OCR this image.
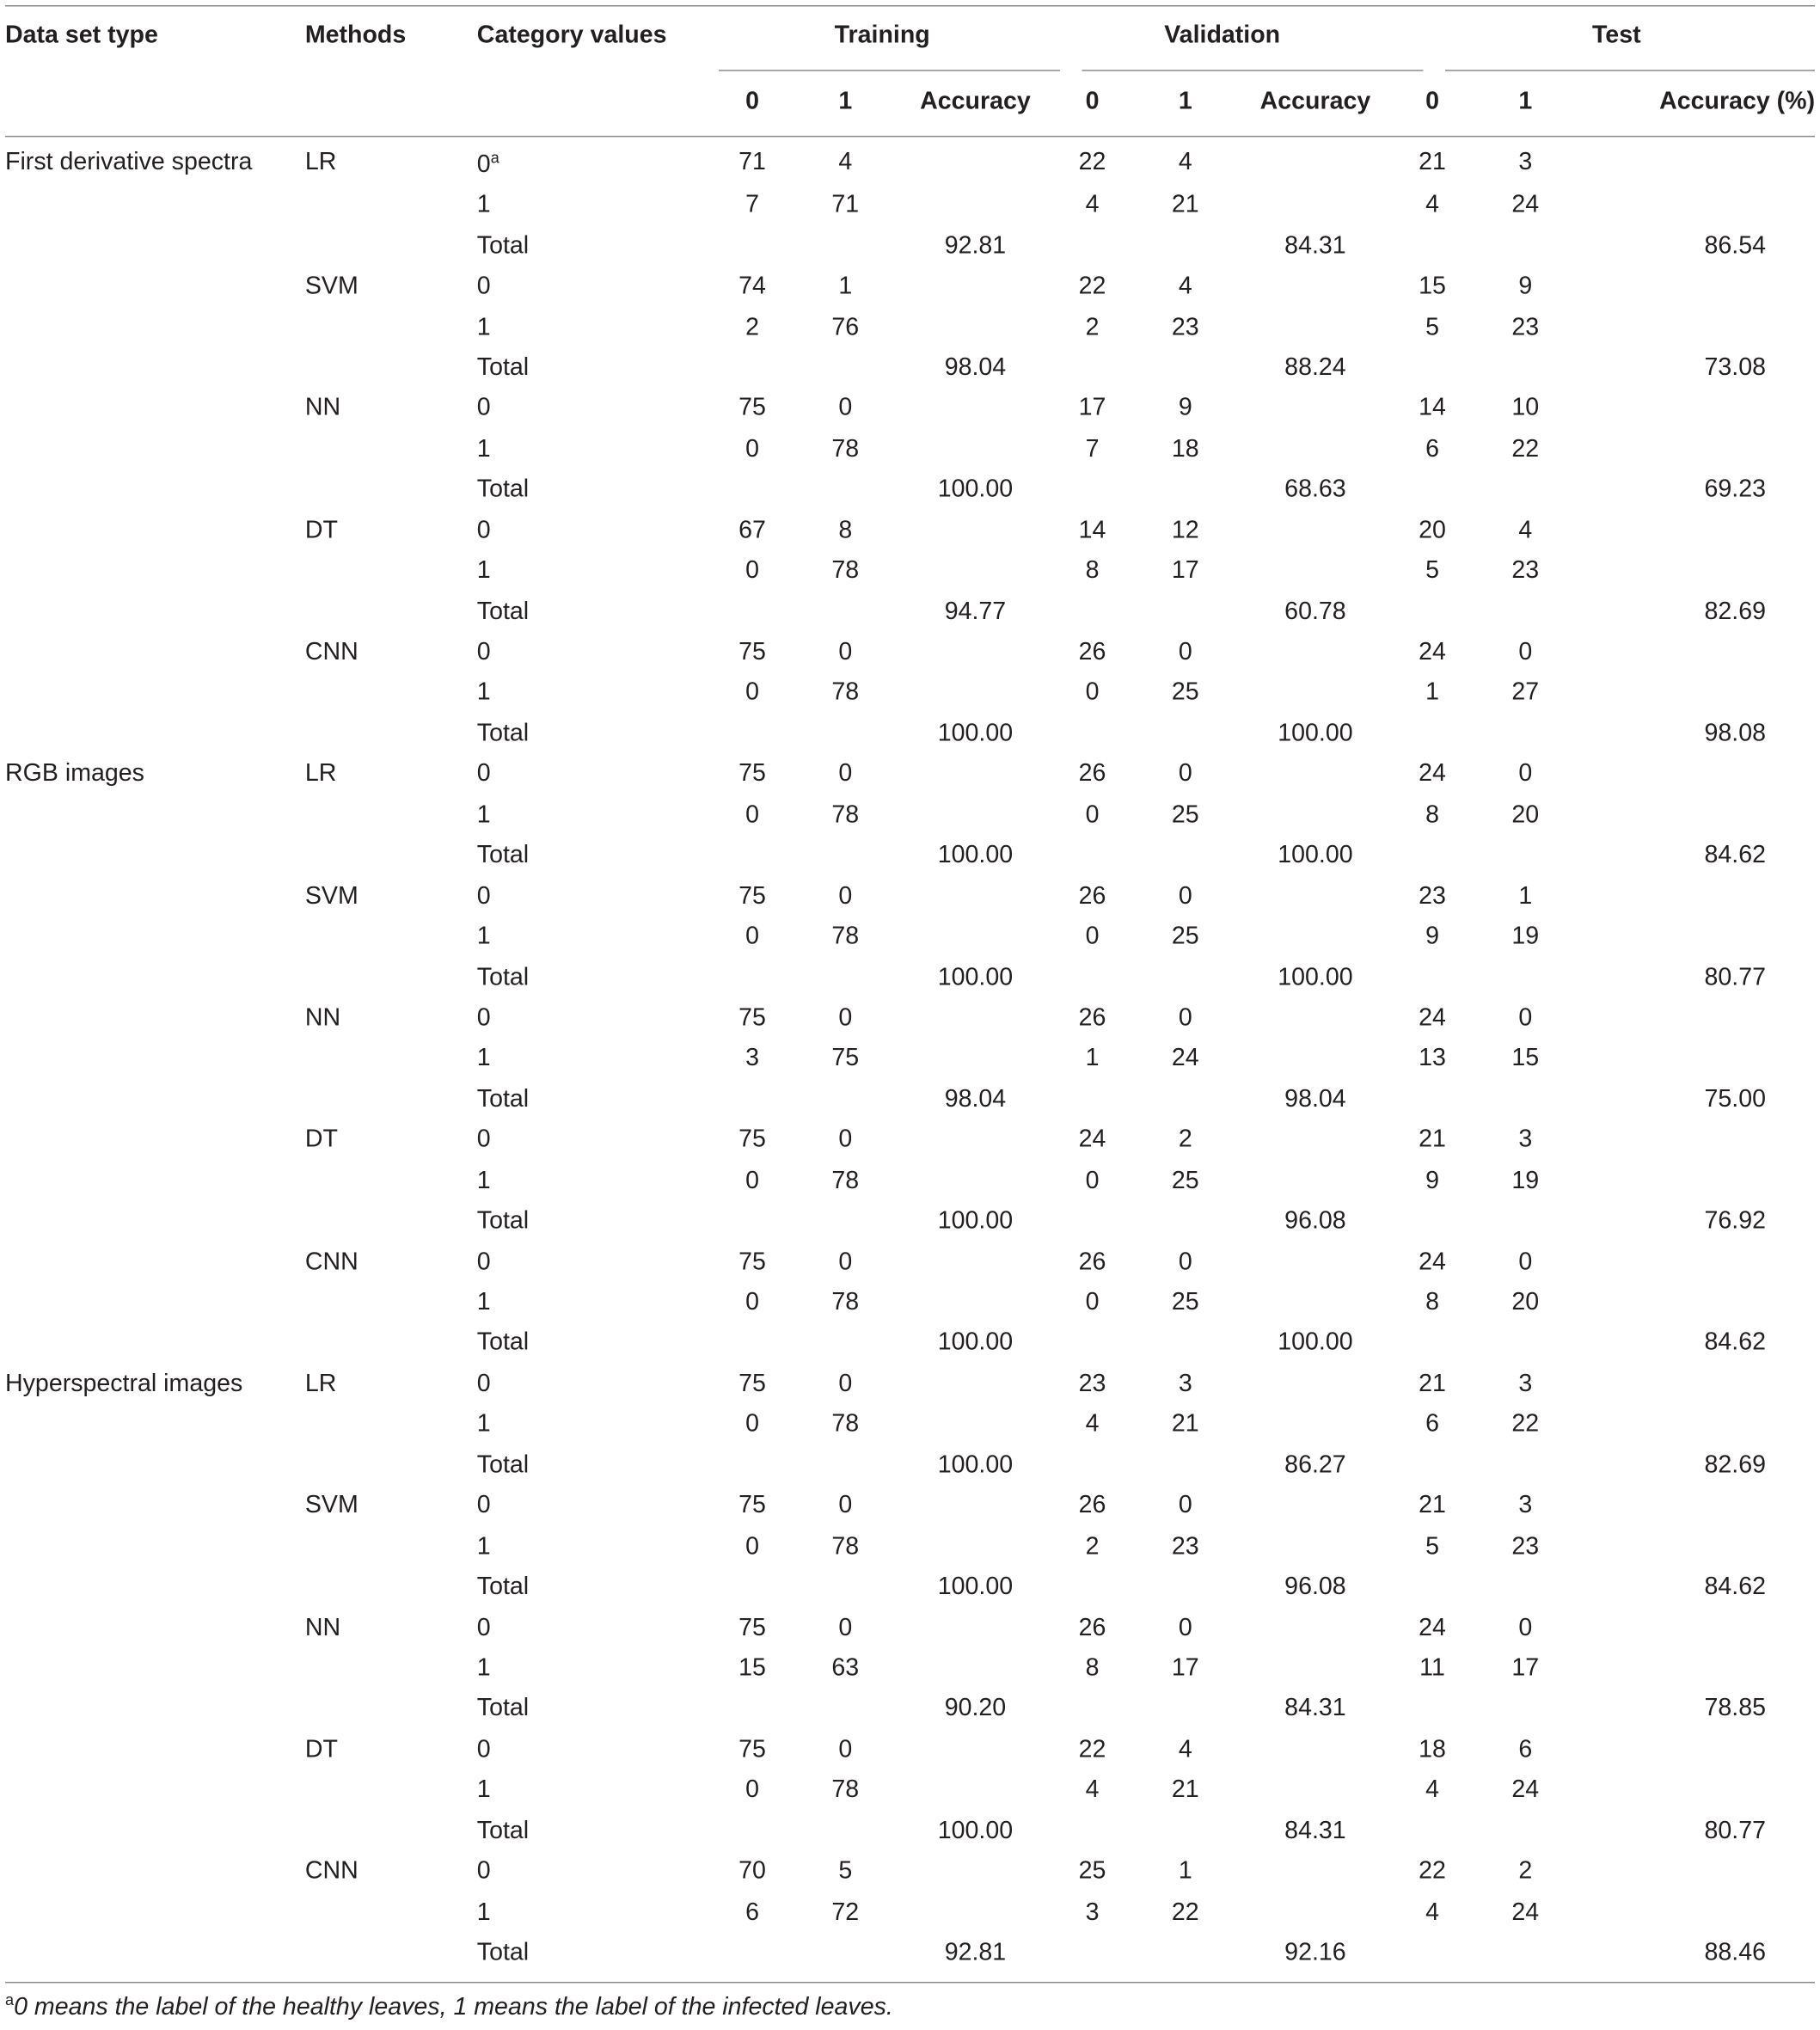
Data set type	Methods	Category values	Training			Validation			Test		
			0	1	Accuracy	0	1	Accuracy	0	1	Accuracy (%)
First derivative spectra	LR	0$^a$	71	4		22	4		21	3	
		1	7	71		4	21		4	24	
		Total			92.81			84.31			86.54
	SVM	0	74	1		22	4		15	9	
		1	2	76		2	23		5	23	
		Total			98.04			88.24			73.08
	NN	0	75	0		17	9		14	10	
		1	0	78		7	18		6	22	
		Total			100.00			68.63			69.23
	DT	0	67	8		14	12		20	4	
		1	0	78		8	17		5	23	
		Total			94.77			60.78			82.69
	CNN	0	75	0		26	0		24	0	
		1	0	78		0	25		1	27	
		Total			100.00			100.00			98.08
RGB images	LR	0	75	0		26	0		24	0	
		1	0	78		0	25		8	20	
		Total			100.00			100.00			84.62
	SVM	0	75	0		26	0		23	1	
		1	0	78		0	25		9	19	
		Total			100.00			100.00			80.77
	NN	0	75	0		26	0		24	0	
		1	3	75		1	24		13	15	
		Total			98.04			98.04			75.00
	DT	0	75	0		24	2		21	3	
		1	0	78		0	25		9	19	
		Total			100.00			96.08			76.92
	CNN	0	75	0		26	0		24	0	
		1	0	78		0	25		8	20	
		Total			100.00			100.00			84.62
Hyperspectral images	LR	0	75	0		23	3		21	3	
		1	0	78		4	21		6	22	
		Total			100.00			86.27			82.69
	SVM	0	75	0		26	0		21	3	
		1	0	78		2	23		5	23	
		Total			100.00			96.08			84.62
	NN	0	75	0		26	0		24	0	
		1	15	63		8	17		11	17	
		Total			90.20			84.31			78.85
	DT	0	75	0		22	4		18	6	
		1	0	78		4	21		4	24	
		Total			100.00			84.31			80.77
	CNN	0	70	5		25	1		22	2	
		1	6	72		3	22		4	24	
		Total			92.81			92.16			88.46
$^a$0 means the label of the healthy leaves, 1 means the label of the infected leaves.
